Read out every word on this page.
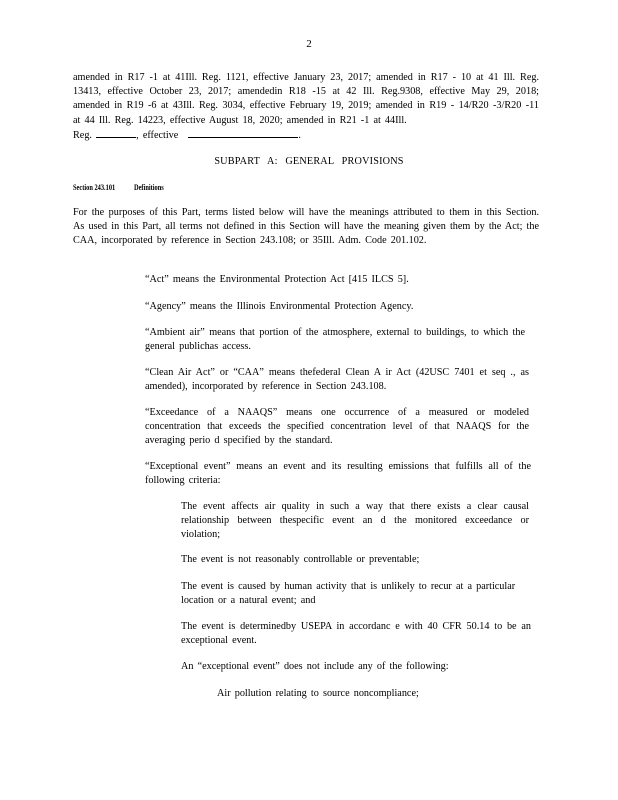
2
amended in R17 -1 at 41Ill. Reg. 1121, effective January 23, 2017; amended in R17 - 10 at 41 Ill. Reg. 13413, effective October 23, 2017; amendedin R18 -15 at 42 Ill. Reg.9308, effective May 29, 2018; amended in R19 -6 at 43Ill. Reg. 3034, effective February 19, 2019; amended in R19 - 14/R20 -3/R20 -11 at 44 Ill. Reg. 14223, effective August 18, 2020; amended in R21 -1 at 44Ill.
Reg.	, effective	.
SUBPART A: GENERAL PROVISIONS
Section 243.101 Definitions
For the purposes of this Part, terms listed below will have the meanings attributed to them in this Section. As used in this Part, all terms not defined in this Section will have the meaning given them by the Act; the CAA, incorporated by reference in Section 243.108; or 35Ill. Adm. Code 201.102.
“Act” means the Environmental Protection Act [415 ILCS 5].
“Agency” means the Illinois Environmental Protection Agency.
“Ambient air” means that portion of the atmosphere, external to buildings, to which the general publichas access.
“Clean Air Act” or “CAA” means thefederal Clean A ir Act (42USC 7401 et seq ., as amended), incorporated by reference in Section 243.108.
“Exceedance of a NAAQS” means one occurrence of a measured or modeled concentration that exceeds the specified concentration level of that NAAQS for the averaging perio d specified by the standard.
“Exceptional event” means an event and its resulting emissions that fulfills all of the following criteria:
The event affects air quality in such a way that there exists a clear causal relationship between thespecific event an d the monitored exceedance or violation;
The event is not reasonably controllable or preventable;
The event is caused by human activity that is unlikely to recur at a particular location or a natural event; and
The event is determinedby USEPA in accordanc e with 40 CFR 50.14 to be an exceptional event.
An “exceptional event” does not include any of the following:
Air pollution relating to source noncompliance;
